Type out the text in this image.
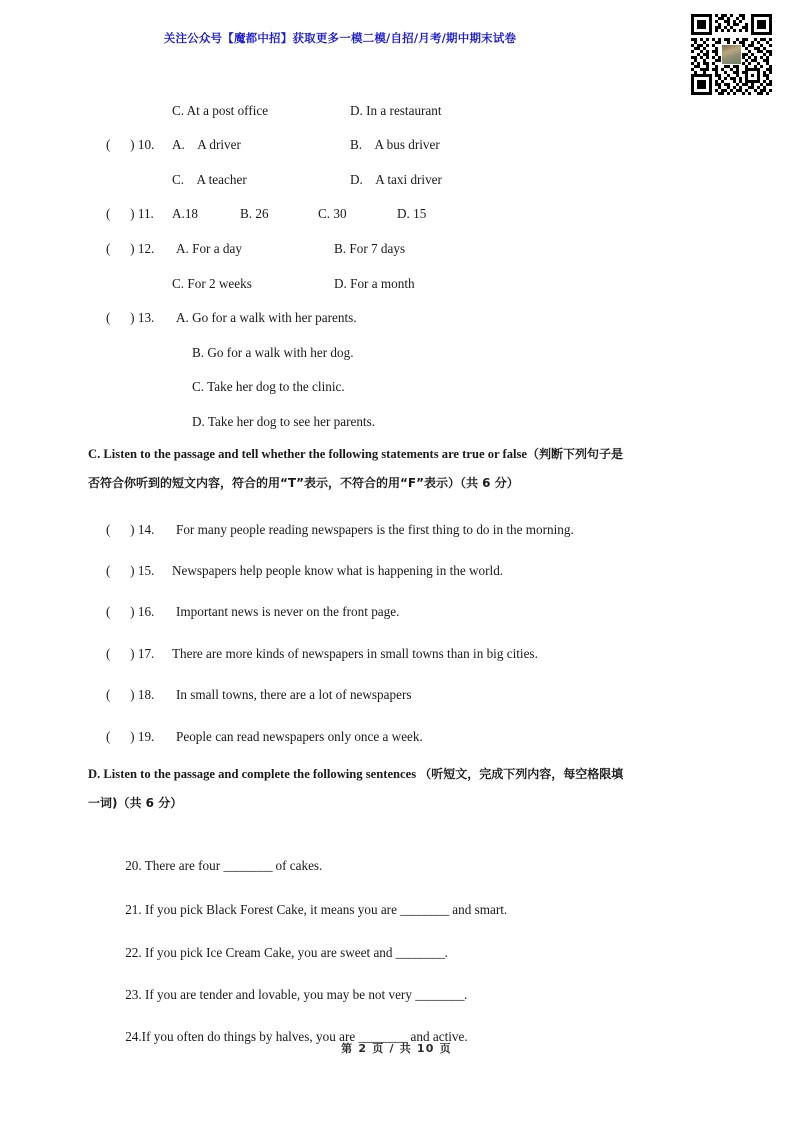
关注公众号【魔都中招】获取更多一模二模/自招/月考/期中期末试卷
C. At a post office	D. In a restaurant
(      ) 10. A.    A driver	B.    A bus driver
C.    A teacher	D.    A taxi driver
(      ) 11. A.18	B. 26	C. 30	D. 15
(      ) 12. A. For a day	B. For 7 days
C. For 2 weeks	D. For a month
(      ) 13. A. Go for a walk with her parents.
B. Go for a walk with her dog.
C. Take her dog to the clinic.
D. Take her dog to see her parents.
C. Listen to the passage and tell whether the following statements are true or false（判断下列句子是
否符合你听到的短文内容，符合的用“T”表示，不符合的用“F”表示）（共 6 分）
(      ) 14. For many people reading newspapers is the first thing to do in the morning.
(      ) 15. Newspapers help people know what is happening in the world.
(      ) 16. Important news is never on the front page.
(      ) 17. There are more kinds of newspapers in small towns than in big cities.
(      ) 18. In small towns, there are a lot of newspapers
(      ) 19. People can read newspapers only once a week.
D. Listen to the passage and complete the following sentences （听短文，完成下列内容，每空格限填
一词)（共 6 分）

20. There are four ________ of cakes.

21. If you pick Black Forest Cake, it means you are ________ and smart.

22. If you pick Ice Cream Cake, you are sweet and ________.

23. If you are tender and lovable, you may be not very ________.

24.If you often do things by halves, you are ________ and active.

第 2 页 / 共 10 页
